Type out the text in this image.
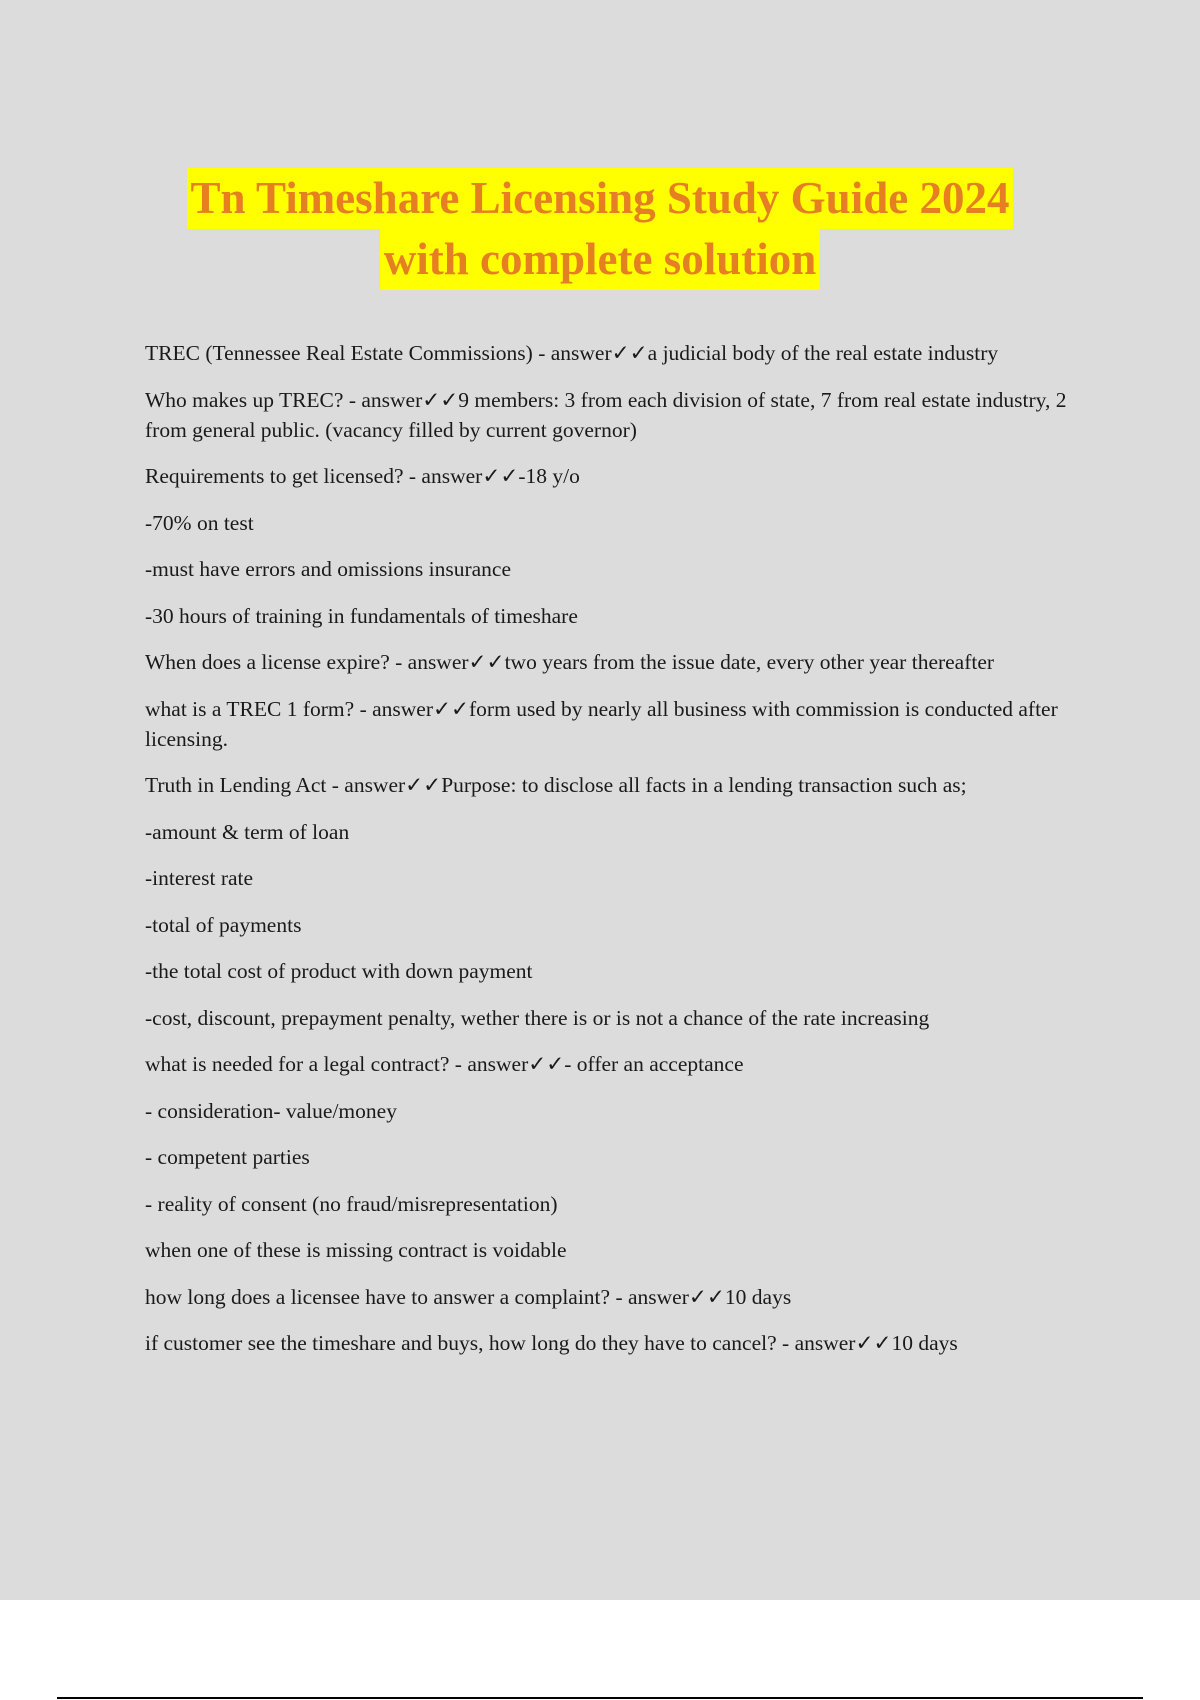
Tn Timeshare Licensing Study Guide 2024
with complete solution

TREC (Tennessee Real Estate Commissions) - answer✓✓a judicial body of the real estate industry

Who makes up TREC? - answer✓✓9 members: 3 from each division of state, 7 from real estate industry, 2 from general public. (vacancy filled by current governor)

Requirements to get licensed? - answer✓✓-18 y/o

-70% on test

-must have errors and omissions insurance

-30 hours of training in fundamentals of timeshare

When does a license expire? - answer✓✓two years from the issue date, every other year thereafter

what is a TREC 1 form? - answer✓✓form used by nearly all business with commission is conducted after licensing.

Truth in Lending Act - answer✓✓Purpose: to disclose all facts in a lending transaction such as;

-amount & term of loan

-interest rate

-total of payments

-the total cost of product with down payment

-cost, discount, prepayment penalty, wether there is or is not a chance of the rate increasing

what is needed for a legal contract? - answer✓✓- offer an acceptance

- consideration- value/money

- competent parties

- reality of consent (no fraud/misrepresentation)

when one of these is missing contract is voidable

how long does a licensee have to answer a complaint? - answer✓✓10 days

if customer see the timeshare and buys, how long do they have to cancel? - answer✓✓10 days
